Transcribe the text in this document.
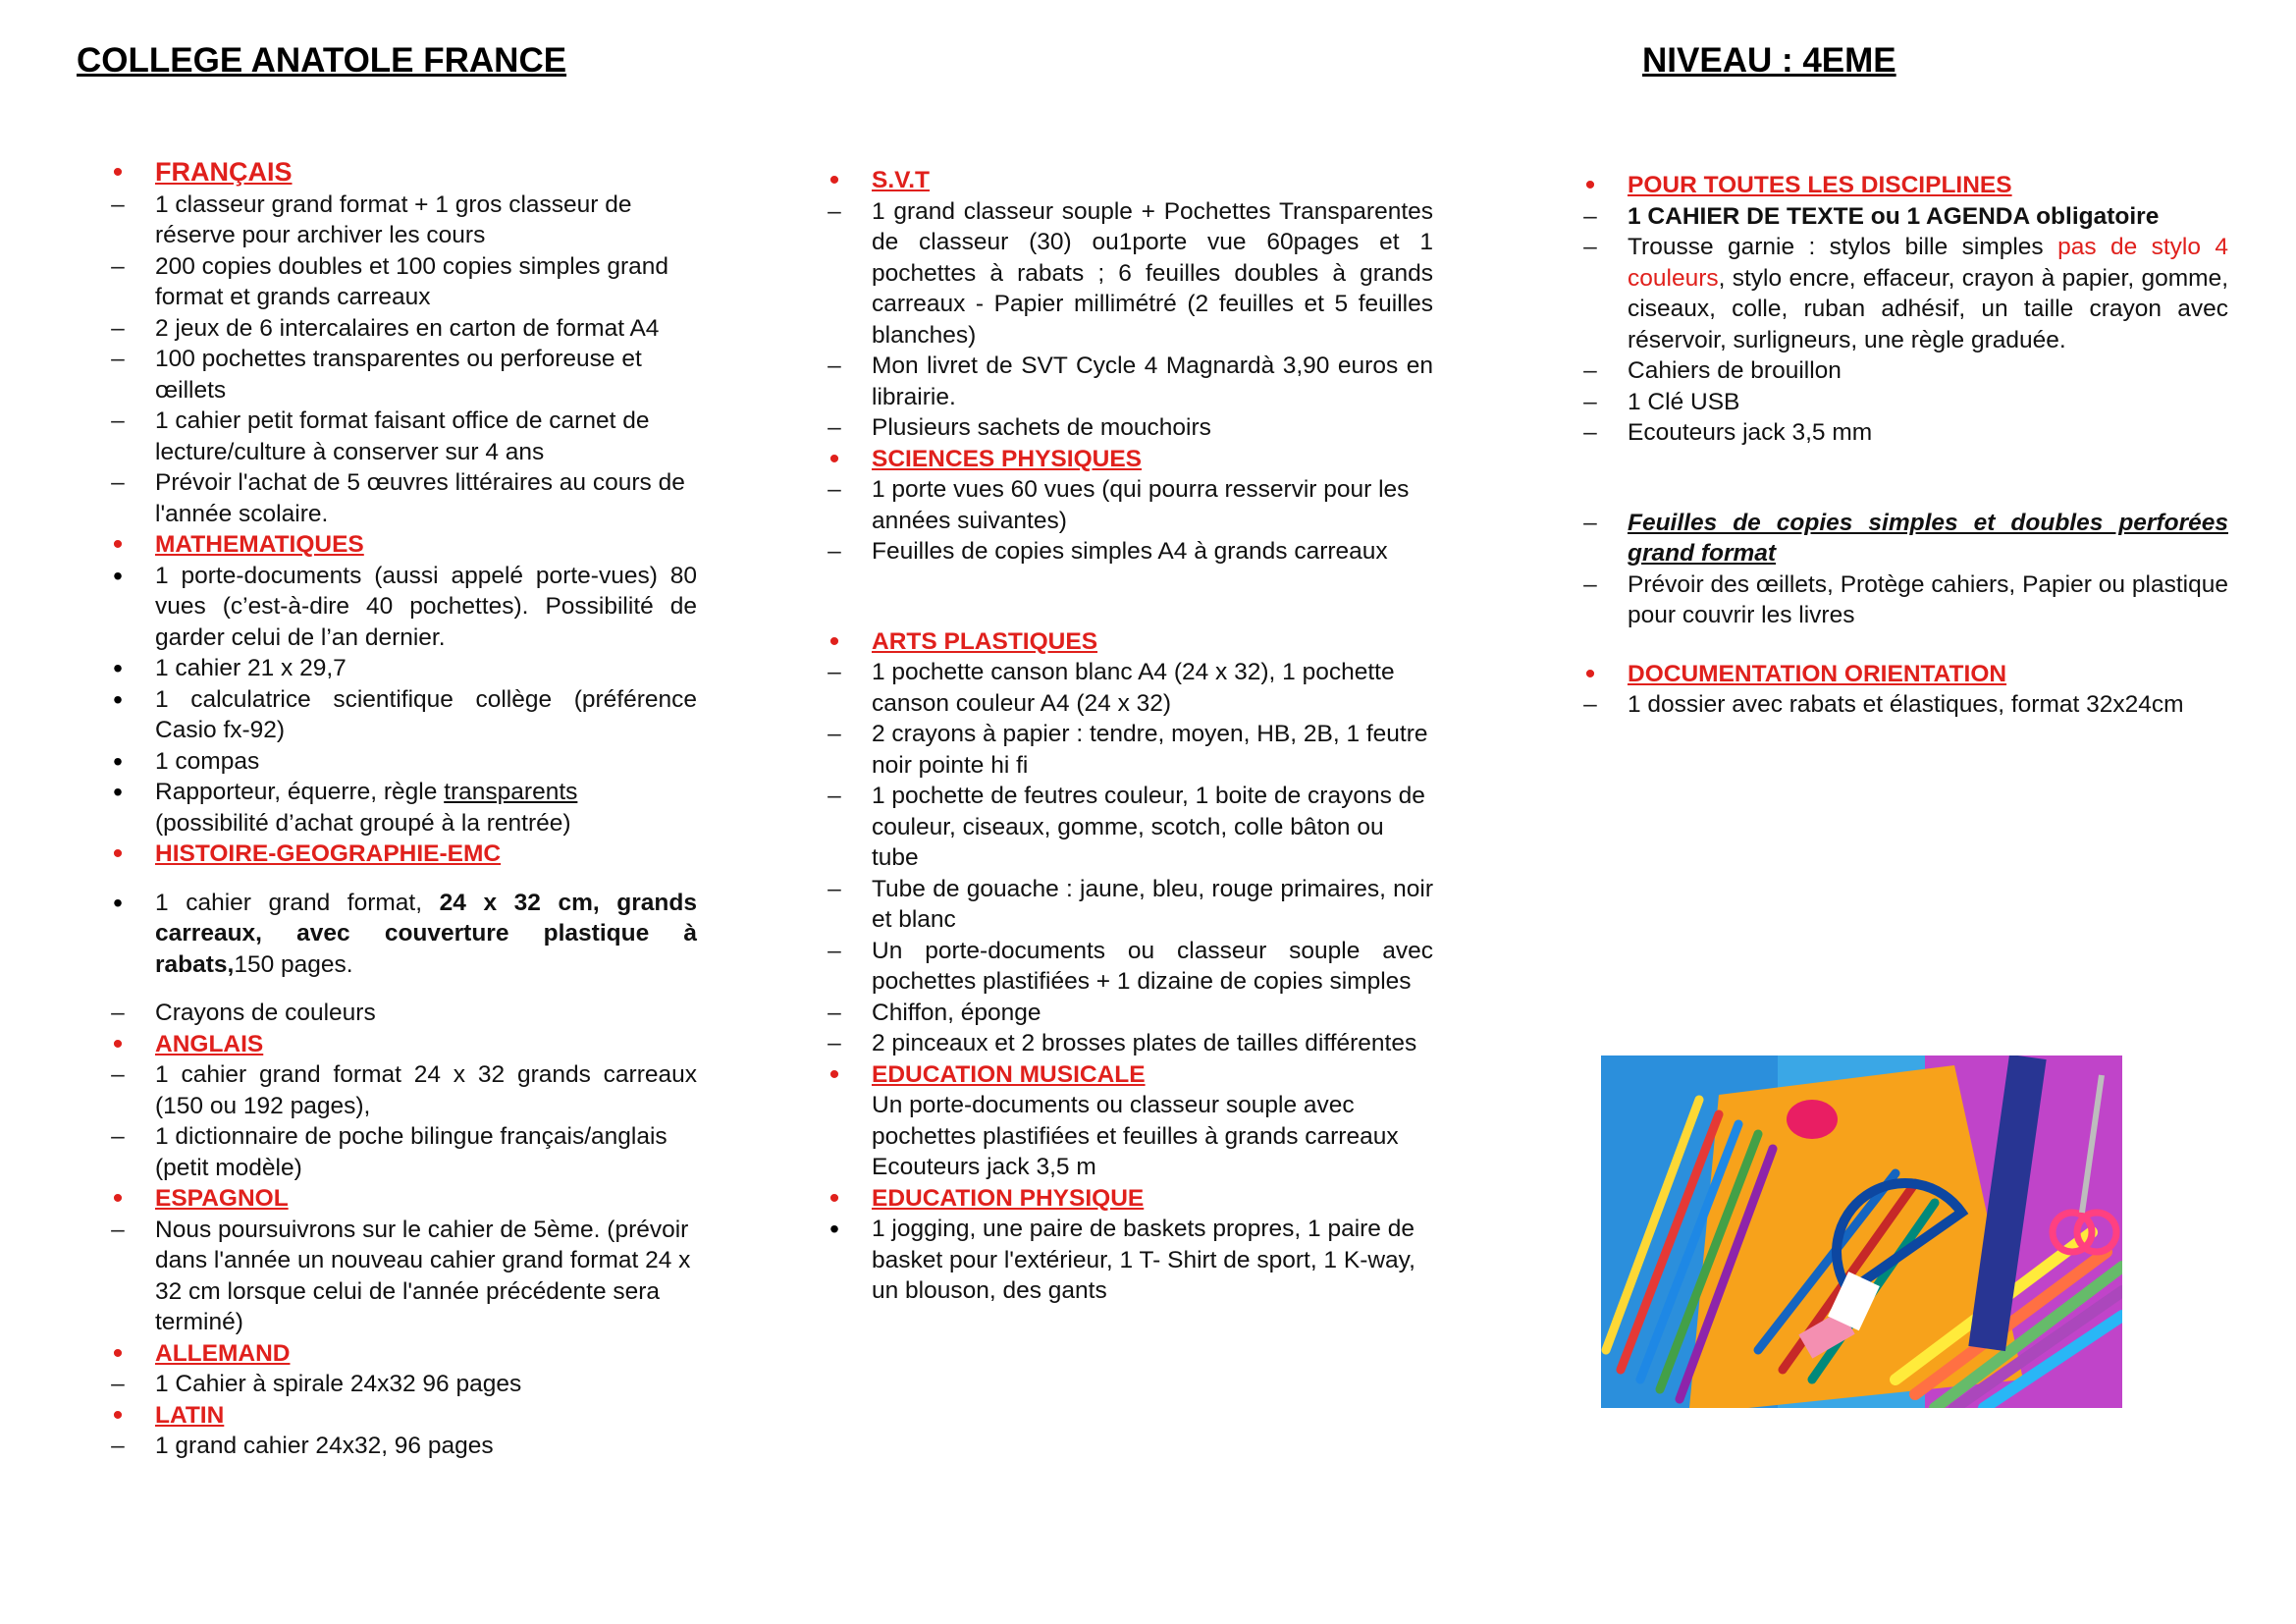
COLLEGE ANATOLE FRANCE	NIVEAU : 4EME
•	FRANÇAIS
–	1 classeur grand format + 1 gros classeur de réserve pour archiver les cours
–	200 copies doubles et 100 copies simples grand format et grands carreaux
–	2 jeux de 6 intercalaires en carton de format A4
–	100 pochettes transparentes ou perforeuse et œillets
–	1 cahier petit format faisant office de carnet de lecture/culture à conserver sur 4 ans
–	Prévoir l'achat de 5 œuvres littéraires au cours de l'année scolaire.
•	MATHEMATIQUES
•	1 porte-documents (aussi appelé porte-vues) 80 vues (c’est-à-dire 40 pochettes). Possibilité de garder celui de l’an dernier.
•	1 cahier 21 x 29,7
•	1 calculatrice scientifique collège (préférence Casio fx-92)
•	1 compas
•	Rapporteur, équerre, règle transparents (possibilité d’achat groupé à la rentrée)
•	HISTOIRE-GEOGRAPHIE-EMC
•	1 cahier grand format, 24 x 32 cm, grands carreaux, avec couverture plastique à rabats,150 pages.
–	Crayons de couleurs
•	ANGLAIS
–	1 cahier grand format 24 x 32 grands carreaux (150 ou 192 pages),
–	1 dictionnaire de poche bilingue français/anglais (petit modèle)
•	ESPAGNOL
–	Nous poursuivrons sur le cahier de 5ème. (prévoir dans l'année un nouveau cahier grand format 24 x 32 cm lorsque celui de l'année précédente sera terminé)
•	ALLEMAND
–	1 Cahier à spirale 24x32 96 pages
•	LATIN
–	1 grand cahier 24x32, 96 pages
•	S.V.T
–	1 grand classeur souple + Pochettes Transparentes de classeur (30) ou1porte vue 60pages et 1 pochettes à rabats ; 6 feuilles doubles à grands carreaux - Papier millimétré (2 feuilles et 5 feuilles blanches)
–	Mon livret de SVT Cycle 4 Magnardà 3,90 euros en librairie.
–	Plusieurs sachets de mouchoirs
•	SCIENCES PHYSIQUES
–	1 porte vues 60 vues (qui pourra resservir pour les années suivantes)
–	Feuilles de copies simples A4 à grands carreaux
•	ARTS PLASTIQUES
–	1 pochette canson blanc A4 (24 x 32), 1 pochette canson couleur A4 (24 x 32)
–	2 crayons à papier : tendre, moyen, HB, 2B, 1 feutre noir pointe hi fi
–	1 pochette de feutres couleur, 1 boite de crayons de couleur, ciseaux, gomme, scotch, colle bâton ou tube
–	Tube de gouache : jaune, bleu, rouge primaires, noir et blanc
–	Un porte-documents ou classeur souple avec pochettes plastifiées + 1 dizaine de copies simples
–	Chiffon, éponge
–	2 pinceaux et 2 brosses plates de tailles différentes
•	EDUCATION MUSICALE
Un porte-documents ou classeur souple avec pochettes plastifiées et feuilles à grands carreaux
Ecouteurs jack 3,5 m
•	EDUCATION PHYSIQUE
•	1 jogging, une paire de baskets propres, 1 paire de basket pour l'extérieur, 1 T- Shirt de sport, 1 K-way, un blouson, des gants
•	POUR TOUTES LES DISCIPLINES
–	1 CAHIER DE TEXTE ou 1 AGENDA obligatoire
–	Trousse garnie : stylos bille simples pas de stylo 4 couleurs, stylo encre, effaceur, crayon à papier, gomme, ciseaux, colle, ruban adhésif, un taille crayon avec réservoir, surligneurs, une règle graduée.
–	Cahiers de brouillon
–	1 Clé USB
–	Ecouteurs jack 3,5 mm
–	Feuilles de copies simples et doubles perforées grand format
–	Prévoir des œillets, Protège cahiers, Papier ou plastique pour couvrir les livres
•	DOCUMENTATION ORIENTATION
–	1 dossier avec rabats et élastiques, format 32x24cm
